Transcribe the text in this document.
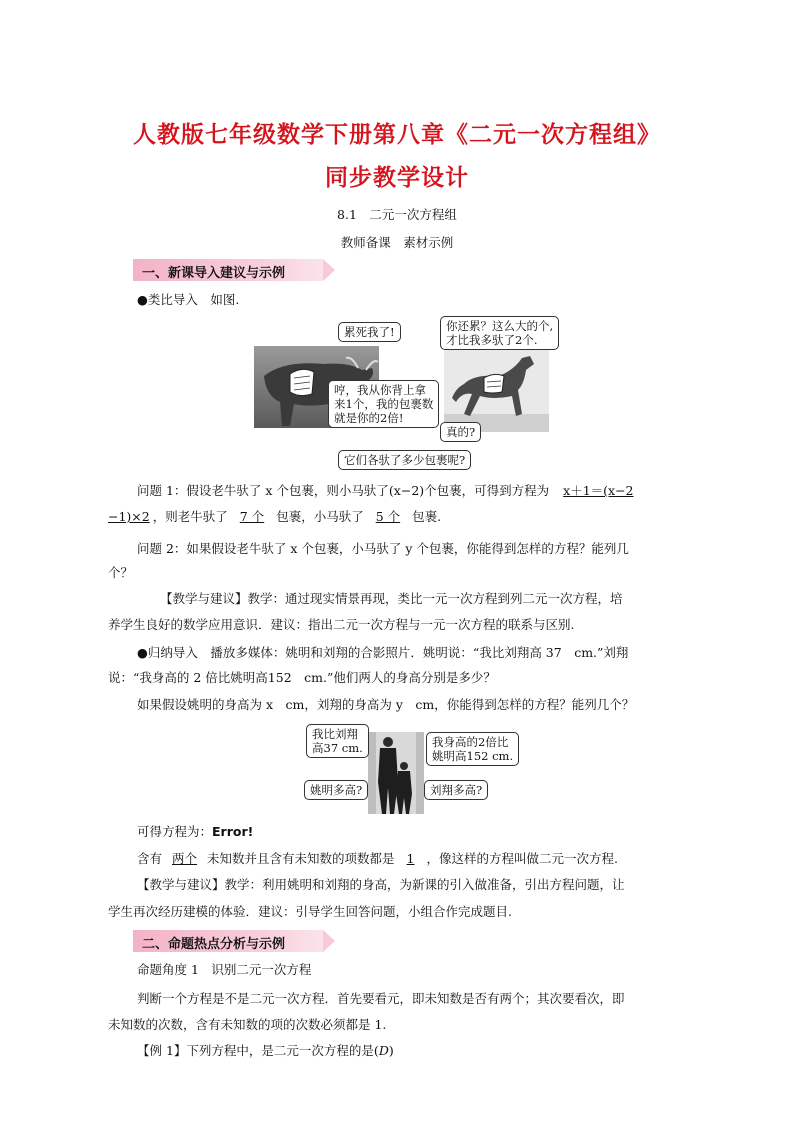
人教版七年级数学下册第八章《二元一次方程组》
同步教学设计
8.1　二元一次方程组
教师备课　素材示例
一、新课导入建议与示例
●类比导入　如图.
累死我了!	你还累？这么大的个,
才比我多驮了2个.
哼，我从你背上拿
来1个，我的包裹数
就是你的2倍!
真的?
它们各驮了多少包裹呢?
问题 1：假设老牛驮了 x 个包裹，则小马驮了(x−2)个包裹，可得到方程为 x＋1＝(x−2
−1)×2 ，则老牛驮了 7 个 包裹，小马驮了 5 个 包裹.
问题 2：如果假设老牛驮了 x 个包裹，小马驮了 y 个包裹，你能得到怎样的方程？能列几
个？
【教学与建议】教学：通过现实情景再现，类比一元一次方程到列二元一次方程，培
养学生良好的数学应用意识．建议：指出二元一次方程与一元一次方程的联系与区别.
●归纳导入　播放多媒体：姚明和刘翔的合影照片．姚明说：“我比刘翔高 37　cm.”刘翔
说：“我身高的 2 倍比姚明高152　cm.”他们两人的身高分别是多少？
如果假设姚明的身高为 x　cm，刘翔的身高为 y　cm，你能得到怎样的方程？能列几个？
我比刘翔
高37 cm.	我身高的2倍比
姚明高152 cm.
姚明多高?	刘翔多高?
可得方程为：Error!
含有 两个 未知数并且含有未知数的项数都是 1 ，像这样的方程叫做二元一次方程.
【教学与建议】教学：利用姚明和刘翔的身高，为新课的引入做准备，引出方程问题，让
学生再次经历建模的体验．建议：引导学生回答问题，小组合作完成题目.
二、命题热点分析与示例
命题角度 1　识别二元一次方程
判断一个方程是不是二元一次方程．首先要看元，即未知数是否有两个；其次要看次，即
未知数的次数，含有未知数的项的次数必须都是 1.
【例 1】下列方程中，是二元一次方程的是(D)
